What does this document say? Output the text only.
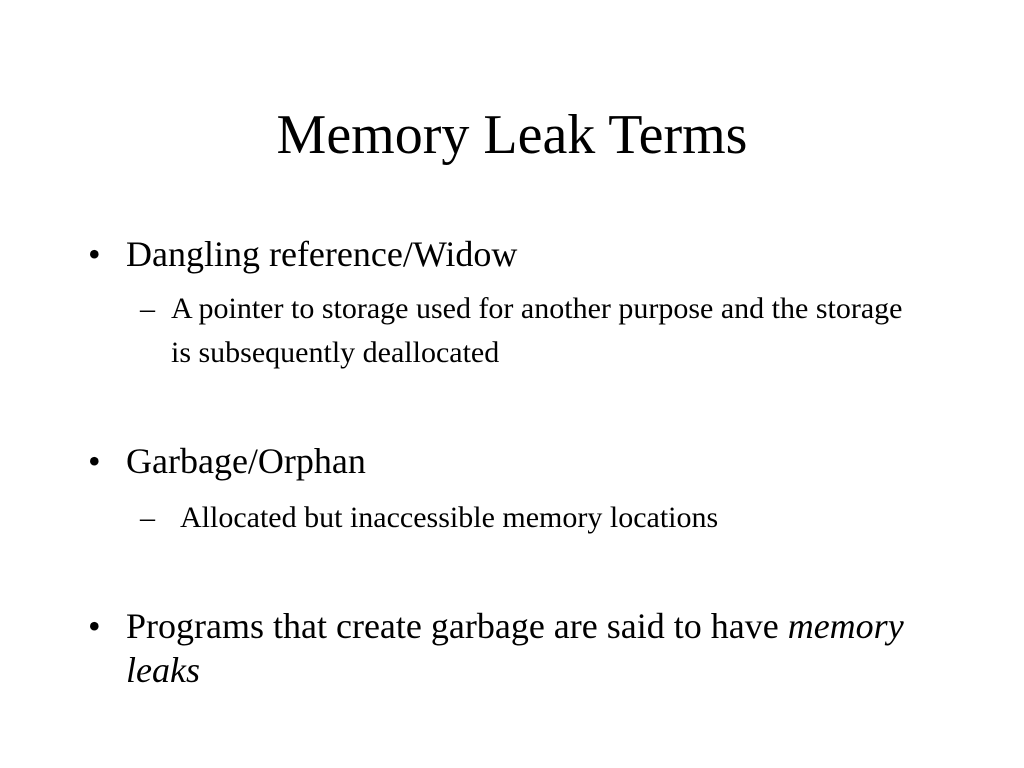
Memory Leak Terms
• Dangling reference/Widow
– A pointer to storage used for another purpose and the storage is subsequently deallocated
• Garbage/Orphan
– Allocated but inaccessible memory locations
• Programs that create garbage are said to have memory leaks
